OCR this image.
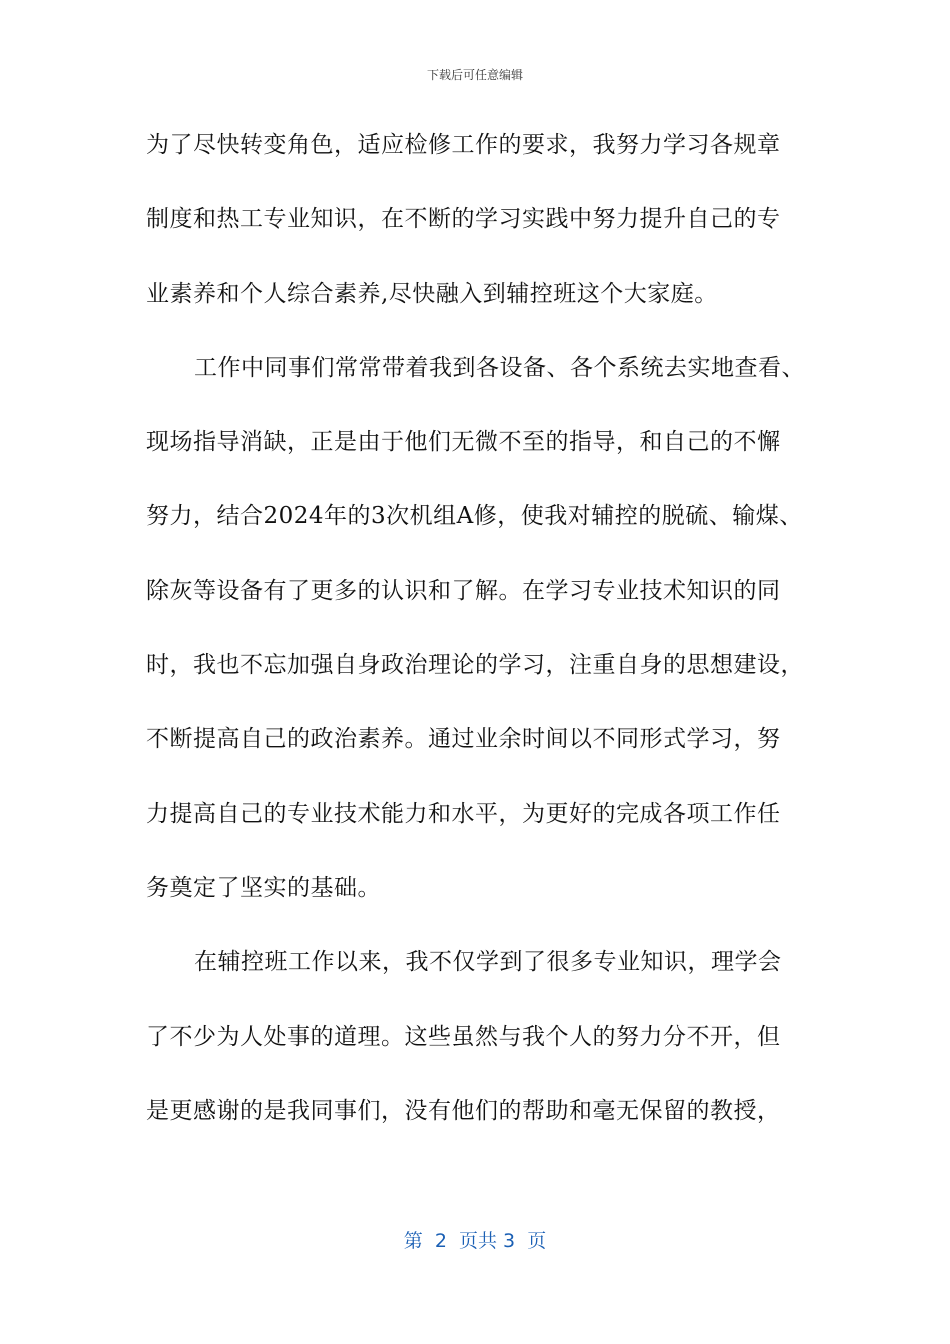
下载后可任意编辑
为了尽快转变角色，适应检修工作的要求，我努力学习各规章
制度和热工专业知识，在不断的学习实践中努力提升自己的专
业素养和个人综合素养,尽快融入到辅控班这个大家庭。
工作中同事们常常带着我到各设备、各个系统去实地查看、
现场指导消缺，正是由于他们无微不至的指导，和自己的不懈
努力，结合2024年的3次机组A修，使我对辅控的脱硫、输煤、
除灰等设备有了更多的认识和了解。在学习专业技术知识的同
时，我也不忘加强自身政治理论的学习，注重自身的思想建设，
不断提高自己的政治素养。通过业余时间以不同形式学习，努
力提高自己的专业技术能力和水平，为更好的完成各项工作任
务奠定了坚实的基础。
在辅控班工作以来，我不仅学到了很多专业知识，理学会
了不少为人处事的道理。这些虽然与我个人的努力分不开，但
是更感谢的是我同事们，没有他们的帮助和毫无保留的教授，
第  2  页共 3  页
